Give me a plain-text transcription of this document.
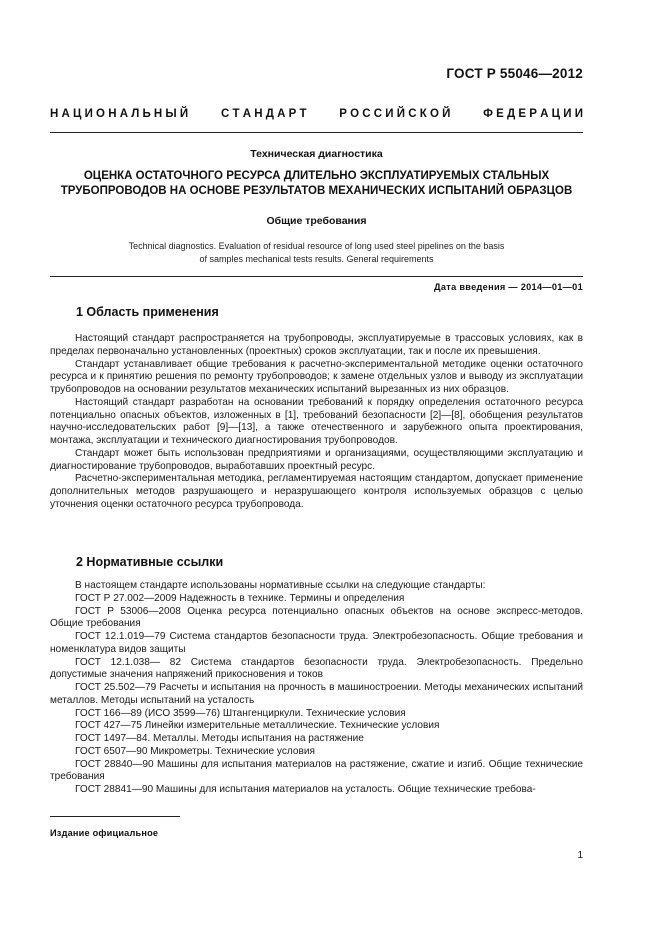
ГОСТ Р 55046—2012
Н А Ц И О Н А Л Ь Н Ы Й	С Т А Н Д А Р Т	Р О С С И Й С К О Й	Ф Е Д Е Р А Ц И И
Техническая диагностика
ОЦЕНКА ОСТАТОЧНОГО РЕСУРСА ДЛИТЕЛЬНО ЭКСПЛУАТИРУЕМЫХ СТАЛЬНЫХ
ТРУБОПРОВОДОВ НА ОСНОВЕ РЕЗУЛЬТАТОВ МЕХАНИЧЕСКИХ ИСПЫТАНИЙ ОБРАЗЦОВ
Общие требования
Technical diagnostics. Evaluation of residual resource of long used steel pipelines on the basis
of samples mechanical tests results. General requirements
Дата введения — 2014—01—01
1 Область применения

Настоящий стандарт распространяется на трубопроводы, эксплуатируемые в трассовых условиях, как в пределах первоначально установленных (проектных) сроков эксплуатации, так и после их превышения.

Стандарт устанавливает общие требования к расчетно-экспериментальной методике оценки остаточного ресурса и к принятию решения по ремонту трубопроводов; к замене отдельных узлов и выводу из эксплуатации трубопроводов на основании результатов механических испытаний вырезанных из них образцов.

Настоящий стандарт разработан на основании требований к порядку определения остаточного ресурса потенциально опасных объектов, изложенных в [1], требований безопасности [2]—[8], обобщения результатов научно-исследовательских работ [9]—[13], а также отечественного и зарубежного опыта проектирования, монтажа, эксплуатации и технического диагностирования трубопроводов.

Стандарт может быть использован предприятиями и организациями, осуществляющими эксплуатацию и диагностирование трубопроводов, выработавших проектный ресурс.

Расчетно-экспериментальная методика, регламентируемая настоящим стандартом, допускает применение дополнительных методов разрушающего и неразрушающего контроля используемых образцов с целью уточнения оценки остаточного ресурса трубопровода.

2 Нормативные ссылки

В настоящем стандарте использованы нормативные ссылки на следующие стандарты:

ГОСТ Р 27.002—2009 Надежность в технике. Термины и определения

ГОСТ Р 53006—2008 Оценка ресурса потенциально опасных объектов на основе экспресс-методов. Общие требования

ГОСТ 12.1.019—79 Система стандартов безопасности труда. Электробезопасность. Общие требования и номенклатура видов защиты

ГОСТ 12.1.038— 82 Система стандартов безопасности труда. Электробезопасность. Предельно допустимые значения напряжений прикосновения и токов

ГОСТ 25.502—79 Расчеты и испытания на прочность в машиностроении. Методы механических испытаний металлов. Методы испытаний на усталость

ГОСТ 166—89 (ИСО 3599—76) Штангенциркули. Технические условия

ГОСТ 427—75 Линейки измерительные металлические. Технические условия

ГОСТ 1497—84. Металлы. Методы испытания на растяжение

ГОСТ 6507—90 Микрометры. Технические условия

ГОСТ 28840—90 Машины для испытания материалов на растяжение, сжатие и изгиб. Общие технические требования

ГОСТ 28841—90 Машины для испытания материалов на усталость. Общие технические требова-

Издание официальное
1
